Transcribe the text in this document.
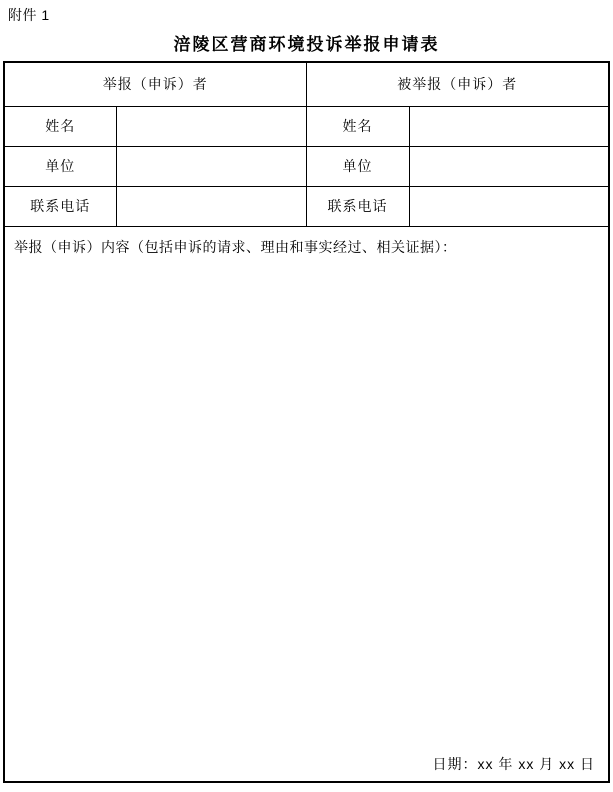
附件 1
涪陵区营商环境投诉举报申请表
举报（申诉）者		被举报（申诉）者	
姓名		姓名	
单位		单位	
联系电话		联系电话	

举报（申诉）内容（包括申诉的请求、理由和事实经过、相关证据）：
日期：xx 年 xx 月 xx 日			
